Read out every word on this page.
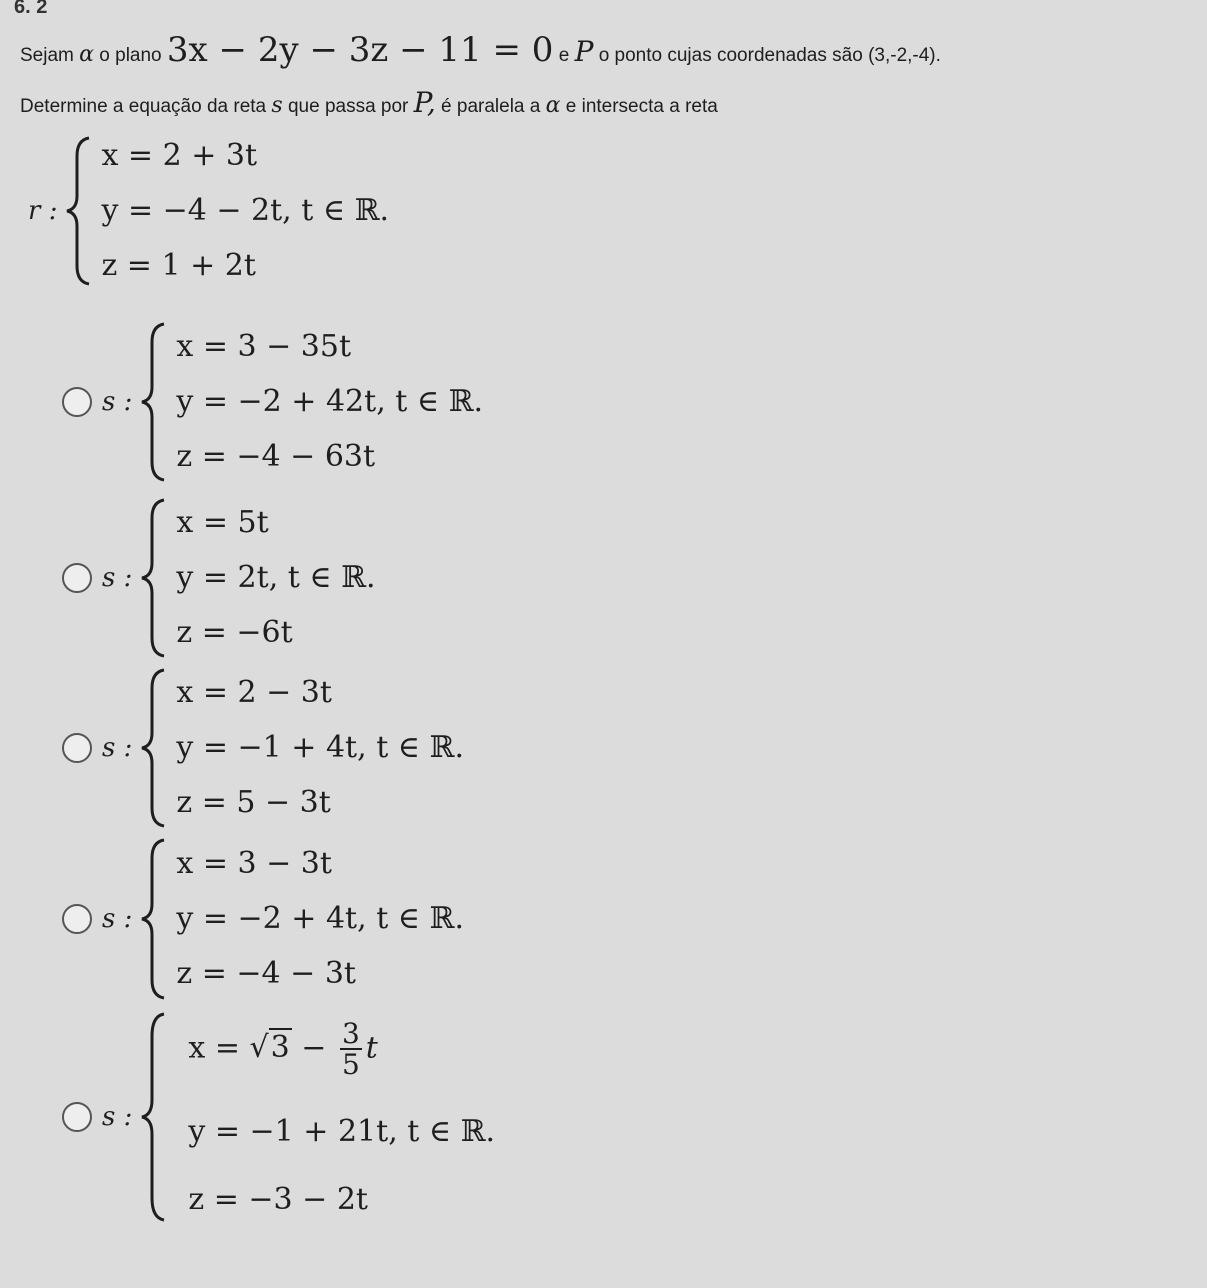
6. 2
Sejam α o plano 3x − 2y − 3z − 11 = 0 e P o ponto cujas coordenadas são (3,-2,-4).
Determine a equação da reta s que passa por P, é paralela a α e intersecta a reta
r :
x = 2 + 3t
y = −4 − 2t, t ∈ ℝ.
z = 1 + 2t
s :
x = 3 − 35t
y = −2 + 42t, t ∈ ℝ.
z = −4 − 63t
s :
x = 5t
y = 2t, t ∈ ℝ.
z = −6t
s :
x = 2 − 3t
y = −1 + 4t, t ∈ ℝ.
z = 5 − 3t
s :
x = 3 − 3t
y = −2 + 4t, t ∈ ℝ.
z = −4 − 3t
s :
$x = √3 - \frac{3}{5}$ t
y = −1 + 21t, t ∈ ℝ.
z = −3 − 2t
